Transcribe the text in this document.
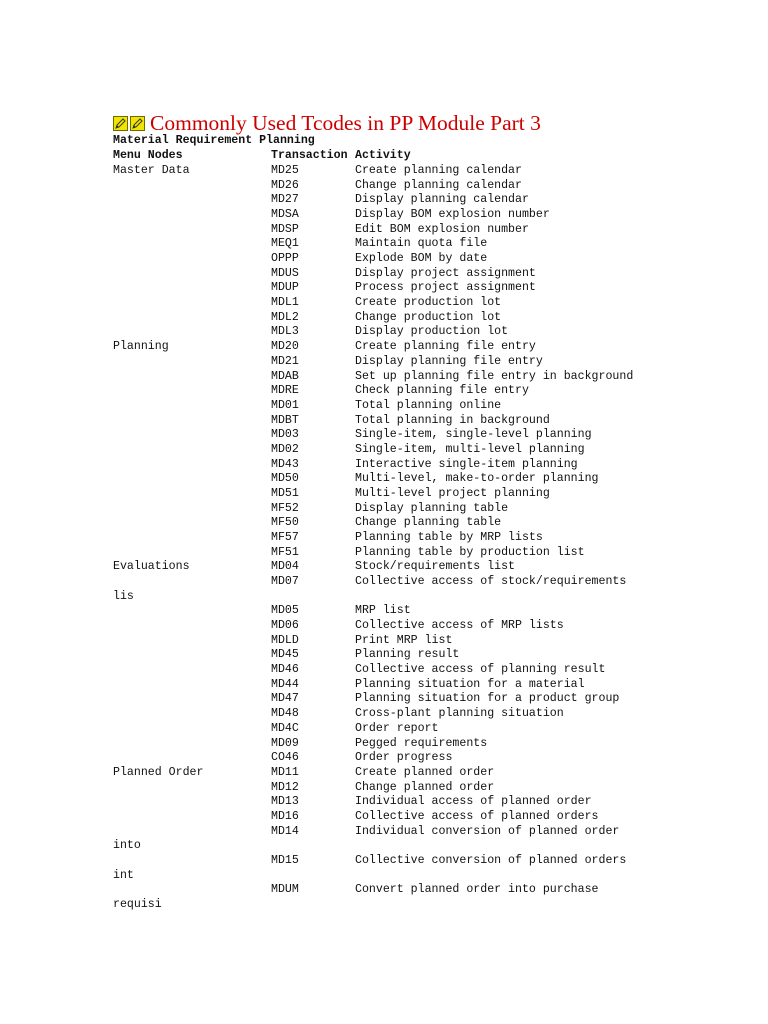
Commonly Used Tcodes in PP Module Part 3
Material Requirement Planning
Menu Nodes	Transaction Activity
Master Data	MD25	Create planning calendar
MD26	Change planning calendar
MD27	Display planning calendar
MDSA	Display BOM explosion number
MDSP	Edit BOM explosion number
MEQ1	Maintain quota file
OPPP	Explode BOM by date
MDUS	Display project assignment
MDUP	Process project assignment
MDL1	Create production lot
MDL2	Change production lot
MDL3	Display production lot
Planning	MD20	Create planning file entry
MD21	Display planning file entry
MDAB	Set up planning file entry in background
MDRE	Check planning file entry
MD01	Total planning online
MDBT	Total planning in background
MD03	Single-item, single-level planning
MD02	Single-item, multi-level planning
MD43	Interactive single-item planning
MD50	Multi-level, make-to-order planning
MD51	Multi-level project planning
MF52	Display planning table
MF50	Change planning table
MF57	Planning table by MRP lists
MF51	Planning table by production list
Evaluations	MD04	Stock/requirements list
MD07	Collective access of stock/requirements
lis
MD05	MRP list
MD06	Collective access of MRP lists
MDLD	Print MRP list
MD45	Planning result
MD46	Collective access of planning result
MD44	Planning situation for a material
MD47	Planning situation for a product group
MD48	Cross-plant planning situation
MD4C	Order report
MD09	Pegged requirements
CO46	Order progress
Planned Order	MD11	Create planned order
MD12	Change planned order
MD13	Individual access of planned order
MD16	Collective access of planned orders
MD14	Individual conversion of planned order
into
MD15	Collective conversion of planned orders
int
MDUM	Convert planned order into purchase
requisi
